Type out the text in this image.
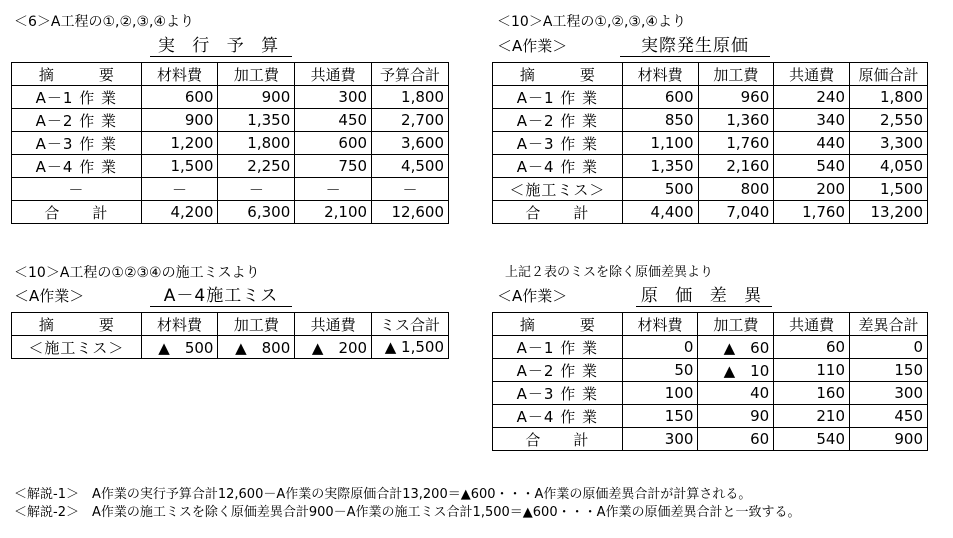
＜6＞A工程の①,②,③,④より
実 行 予 算
摘　　　要	材料費	加工費	共通費	予算合計
A－1 作 業	600	900	300	1,800
A－2 作 業	900	1,350	450	2,700
A－3 作 業	1,200	1,800	600	3,600
A－4 作 業	1,500	2,250	750	4,500
－	－	－	－	－
合　　計	4,200	6,300	2,100	12,600
＜10＞A工程の①,②,③,④より
＜A作業＞	実際発生原価
摘　　　要	材料費	加工費	共通費	原価合計
A－1 作 業	600	960	240	1,800
A－2 作 業	850	1,360	340	2,550
A－3 作 業	1,100	1,760	440	3,300
A－4 作 業	1,350	2,160	540	4,050
＜施工ミス＞	500	800	200	1,500
合　　計	4,400	7,040	1,760	13,200
＜10＞A工程の①②③④の施工ミスより
＜A作業＞	A－4施工ミス
摘　　　要	材料費	加工費	共通費	ミス合計
＜施工ミス＞	▲　500	▲　800	▲　200	▲ 1,500
上記２表のミスを除く原価差異より
＜A作業＞	原 価 差 異
摘　　　要	材料費	加工費	共通費	差異合計
A－1 作 業	0	▲　60	60	0
A－2 作 業	50	▲　10	110	150
A－3 作 業	100	40	160	300
A－4 作 業	150	90	210	450
合　　計	300	60	540	900
＜解説-1＞　A作業の実行予算合計12,600－A作業の実際原価合計13,200＝▲600・・・A作業の原価差異合計が計算される。
＜解説-2＞　A作業の施工ミスを除く原価差異合計900－A作業の施工ミス合計1,500＝▲600・・・A作業の原価差異合計と一致する。
